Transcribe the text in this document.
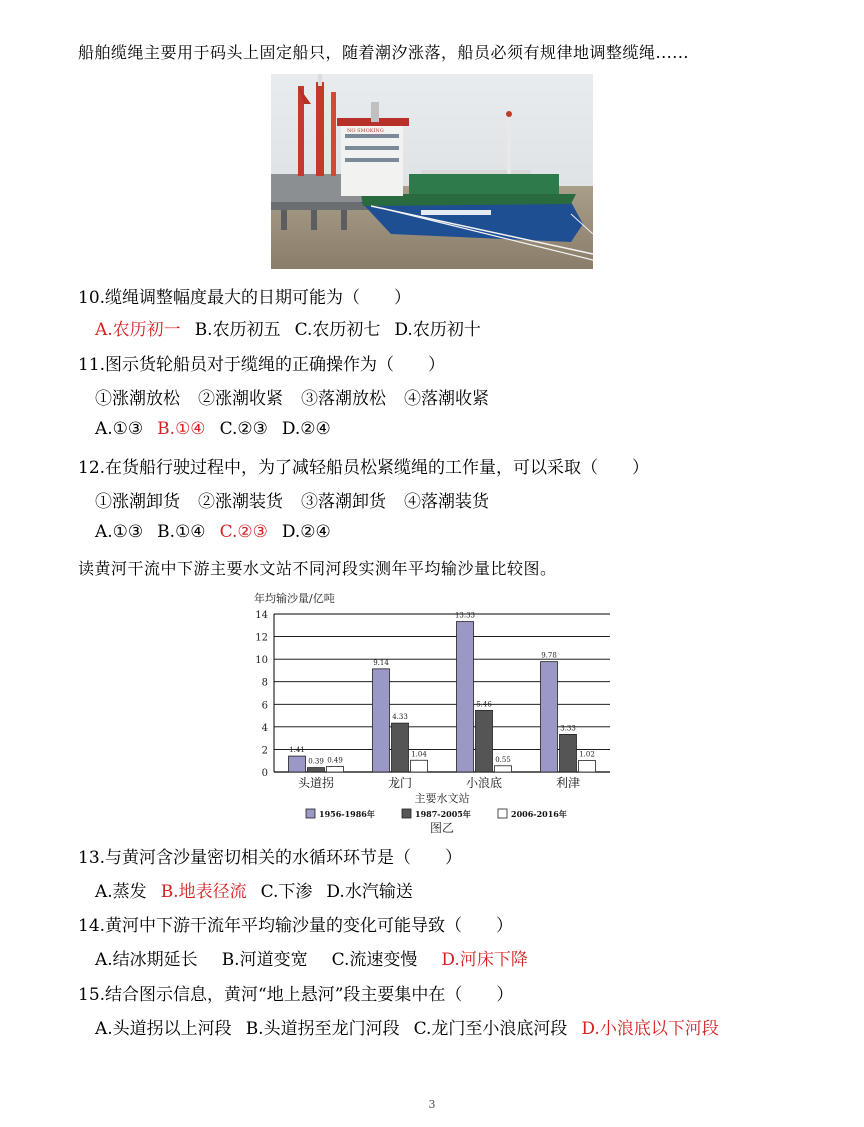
船舶缆绳主要用于码头上固定船只，随着潮汐涨落，船员必须有规律地调整缆绳......
NO SMOKING
10.缆绳调整幅度最大的日期可能为（　　）
A.农历初一 B.农历初五 C.农历初七 D.农历初十
11.图示货轮船员对于缆绳的正确操作为（　　）
①涨潮放松 ②涨潮收紧 ③落潮放松 ④落潮收紧
A.①③ B.①④ C.②③ D.②④
12.在货船行驶过程中，为了减轻船员松紧缆绳的工作量，可以采取（　　）
①涨潮卸货 ②涨潮装货 ③落潮卸货 ④落潮装货
A.①③ B.①④ C.②③ D.②④
读黄河干流中下游主要水文站不同河段实测年平均输沙量比较图。
年均输沙量/亿吨
0
2
4
6
8
10
12
14
1.41
0.39 0.49
头道拐
9.14
4.33
1.04
龙门
13.33
5.46
0.55
小浪底
9.78
3.33
1.02
利津
主要水文站
图乙
1956-1986年	1987-2005年	2006-2016年
13.与黄河含沙量密切相关的水循环环节是（　　）
A.蒸发 B.地表径流 C.下渗 D.水汽输送
14.黄河中下游干流年平均输沙量的变化可能导致（　　）
A.结冰期延长 B.河道变宽 C.流速变慢 D.河床下降
15.结合图示信息，黄河“地上悬河”段主要集中在（　　）
A.头道拐以上河段 B.头道拐至龙门河段 C.龙门至小浪底河段 D.小浪底以下河段
3
